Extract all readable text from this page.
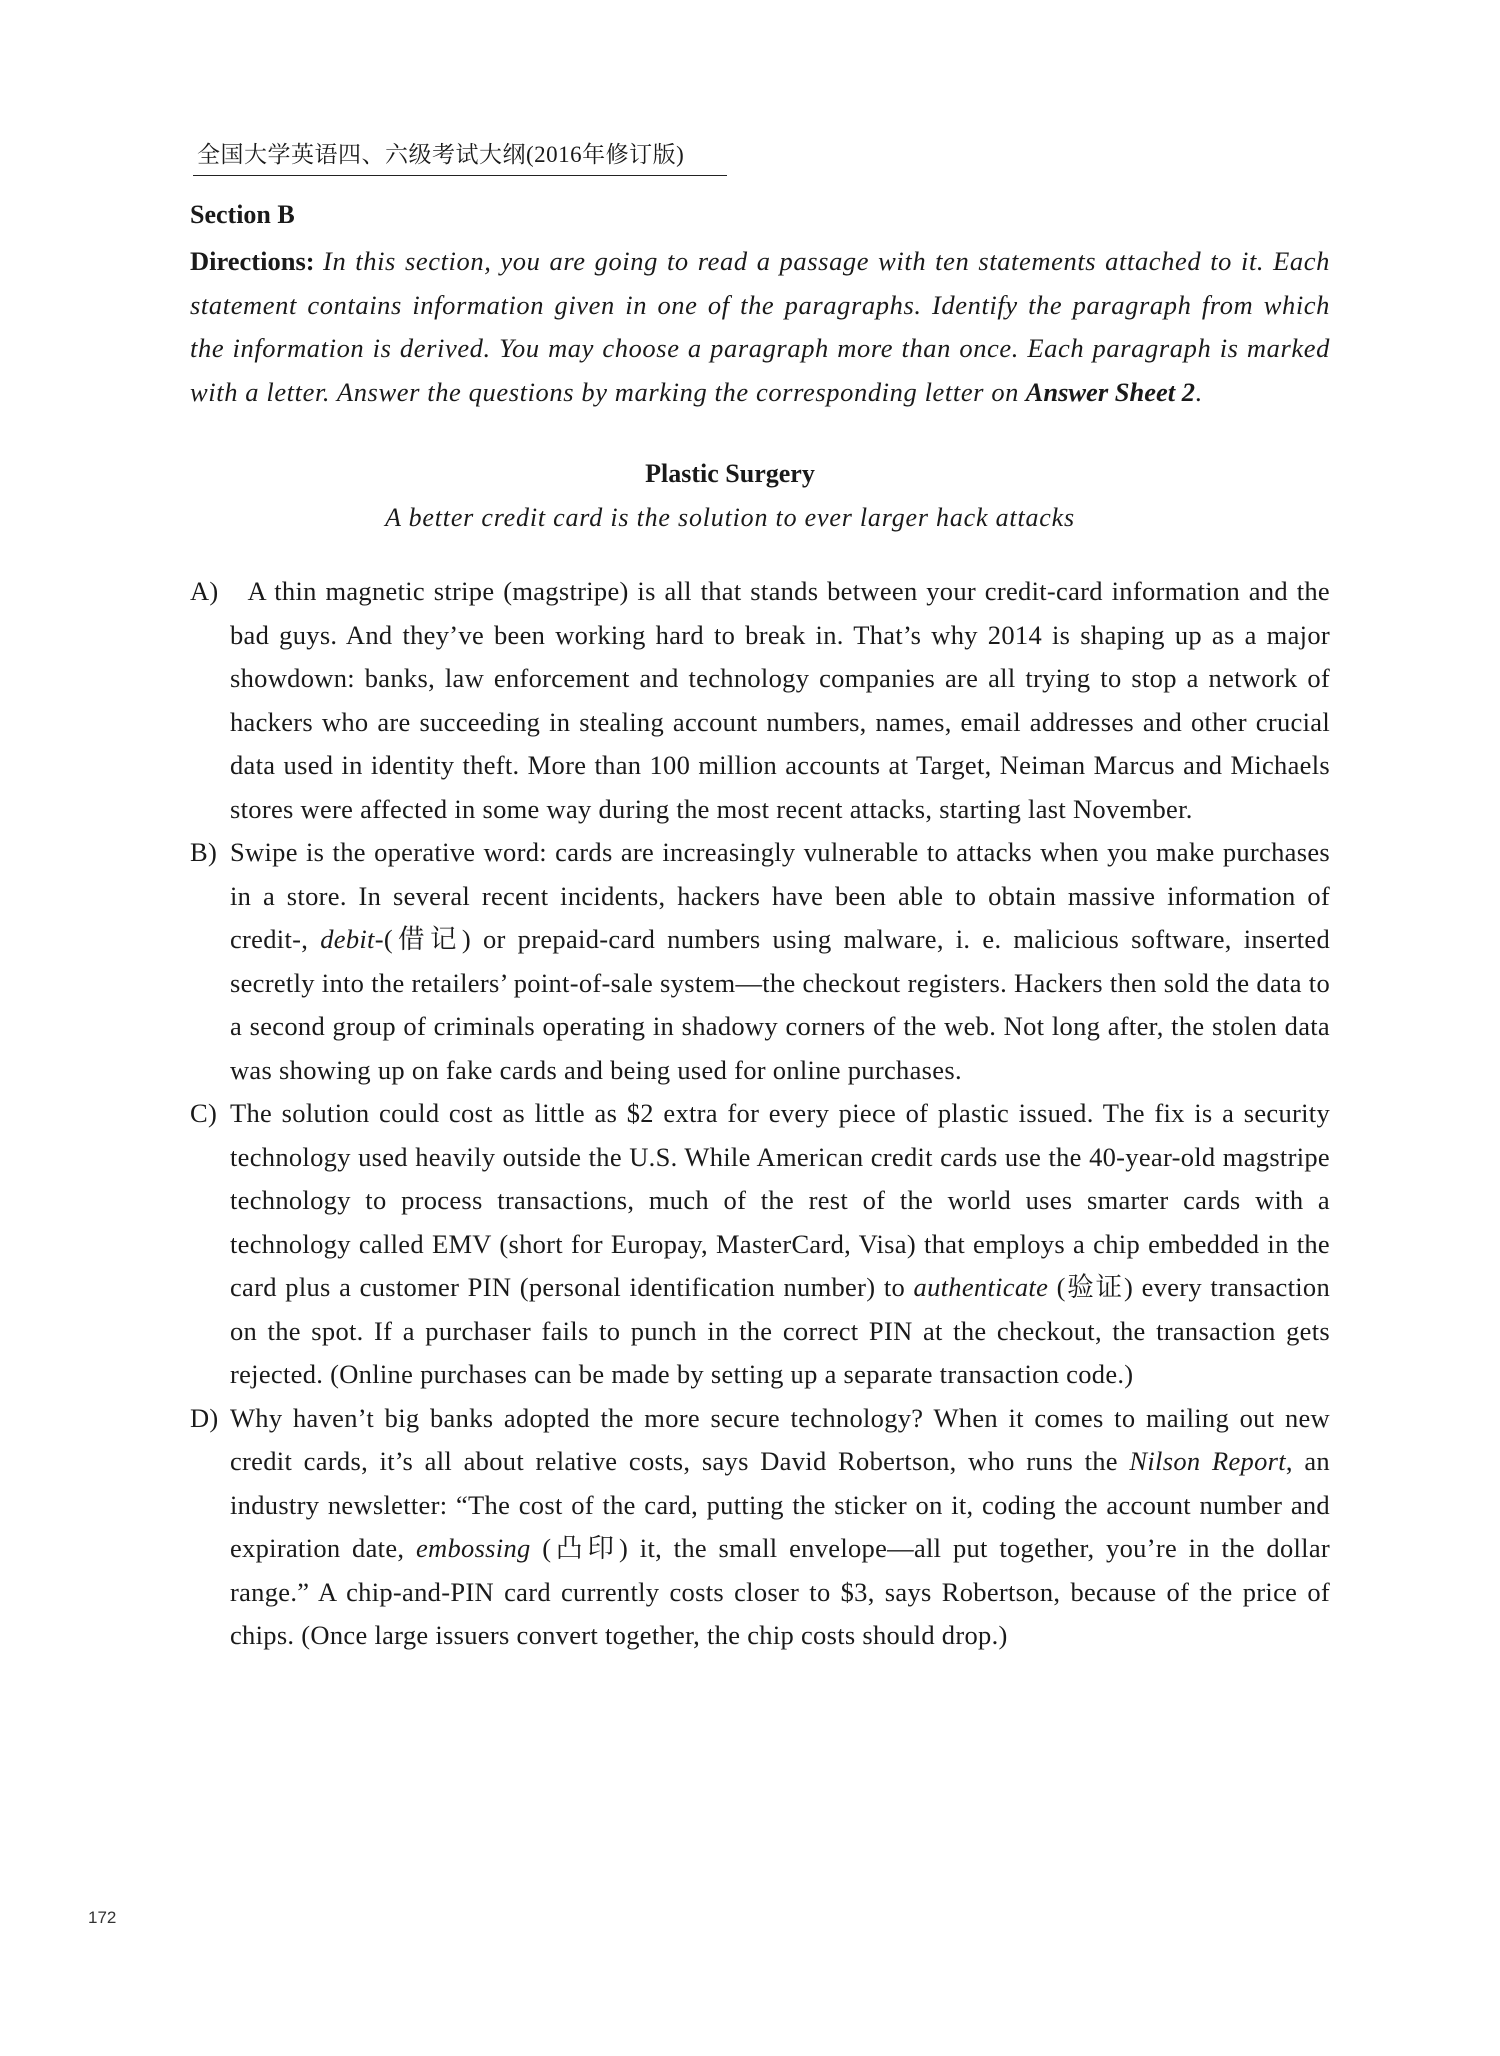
全国大学英语四、六级考试大纲(2016年修订版)
Section B

Directions: In this section, you are going to read a passage with ten statements attached to it. Each statement contains information given in one of the paragraphs. Identify the paragraph from which the information is derived. You may choose a paragraph more than once. Each paragraph is marked with a letter. Answer the questions by marking the corresponding letter on Answer Sheet 2.

Plastic Surgery
A better credit card is the solution to ever larger hack attacks
A)	A thin magnetic stripe (magstripe) is all that stands between your credit-card information and the bad guys. And they’ve been working hard to break in. That’s why 2014 is shaping up as a major showdown: banks, law enforcement and technology companies are all trying to stop a network of hackers who are succeeding in stealing account numbers, names, email addresses and other crucial data used in identity theft. More than 100 million accounts at Target, Neiman Marcus and Michaels stores were affected in some way during the most recent attacks, starting last November.
B) Swipe is the operative word: cards are increasingly vulnerable to attacks when you make purchases in a store. In several recent incidents, hackers have been able to obtain massive information of credit-, debit-(借记) or prepaid-card numbers using malware, i. e. malicious software, inserted secretly into the retailers’ point-of-sale system—the checkout registers. Hackers then sold the data to a second group of criminals operating in shadowy corners of the web. Not long after, the stolen data was showing up on fake cards and being used for online purchases.
C) The solution could cost as little as $2 extra for every piece of plastic issued. The fix is a security technology used heavily outside the U.S. While American credit cards use the 40-year-old magstripe technology to process transactions, much of the rest of the world uses smarter cards with a technology called EMV (short for Europay, MasterCard, Visa) that employs a chip embedded in the card plus a customer PIN (personal identification number) to authenticate (验证) every transaction on the spot. If a purchaser fails to punch in the correct PIN at the checkout, the transaction gets rejected. (Online purchases can be made by setting up a separate transaction code.)
D) Why haven’t big banks adopted the more secure technology? When it comes to mailing out new credit cards, it’s all about relative costs, says David Robertson, who runs the Nilson Report, an industry newsletter: “The cost of the card, putting the sticker on it, coding the account number and expiration date, embossing (凸印) it, the small envelope—all put together, you’re in the dollar range.” A chip-and-PIN card currently costs closer to $3, says Robertson, because of the price of chips. (Once large issuers convert together, the chip costs should drop.)
172
